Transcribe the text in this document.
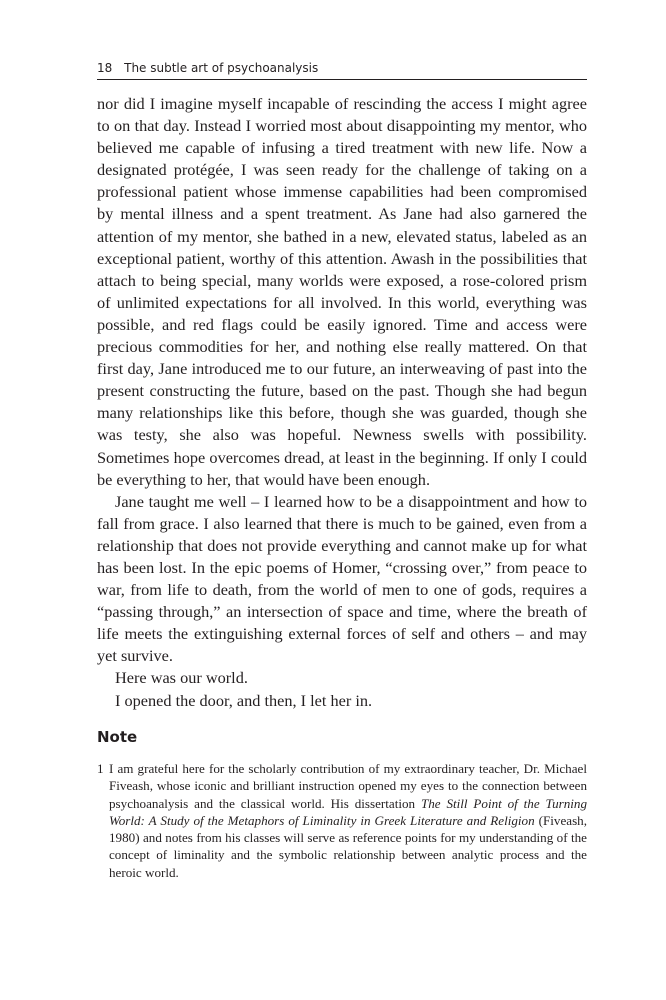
18 The subtle art of psychoanalysis

nor did I imagine myself incapable of rescinding the access I might agree to on that day. Instead I worried most about disappointing my mentor, who believed me capable of infusing a tired treatment with new life. Now a designated protégée, I was seen ready for the challenge of taking on a professional patient whose immense capabilities had been compromised by mental illness and a spent treatment. As Jane had also garnered the attention of my mentor, she bathed in a new, elevated status, labeled as an exceptional patient, worthy of this attention. Awash in the possibilities that attach to being special, many worlds were exposed, a rose-colored prism of unlimited expectations for all involved. In this world, everything was possible, and red flags could be easily ignored. Time and access were precious commodities for her, and nothing else really mattered. On that first day, Jane introduced me to our future, an interweaving of past into the present constructing the future, based on the past. Though she had begun many relationships like this before, though she was guarded, though she was testy, she also was hopeful. Newness swells with possibility. Sometimes hope overcomes dread, at least in the beginning. If only I could be everything to her, that would have been enough.

Jane taught me well – I learned how to be a disappointment and how to fall from grace. I also learned that there is much to be gained, even from a relationship that does not provide everything and cannot make up for what has been lost. In the epic poems of Homer, “crossing over,” from peace to war, from life to death, from the world of men to one of gods, requires a “passing through,” an intersection of space and time, where the breath of life meets the extinguishing external forces of self and others – and may yet survive.

Here was our world.

I opened the door, and then, I let her in.

Note
1 I am grateful here for the scholarly contribution of my extraordinary teacher, Dr. Michael Fiveash, whose iconic and brilliant instruction opened my eyes to the connection between psychoanalysis and the classical world. His dissertation The Still Point of the Turning World: A Study of the Metaphors of Liminality in Greek Literature and Religion (Fiveash, 1980) and notes from his classes will serve as reference points for my understanding of the concept of liminality and the symbolic relationship between analytic process and the heroic world.
